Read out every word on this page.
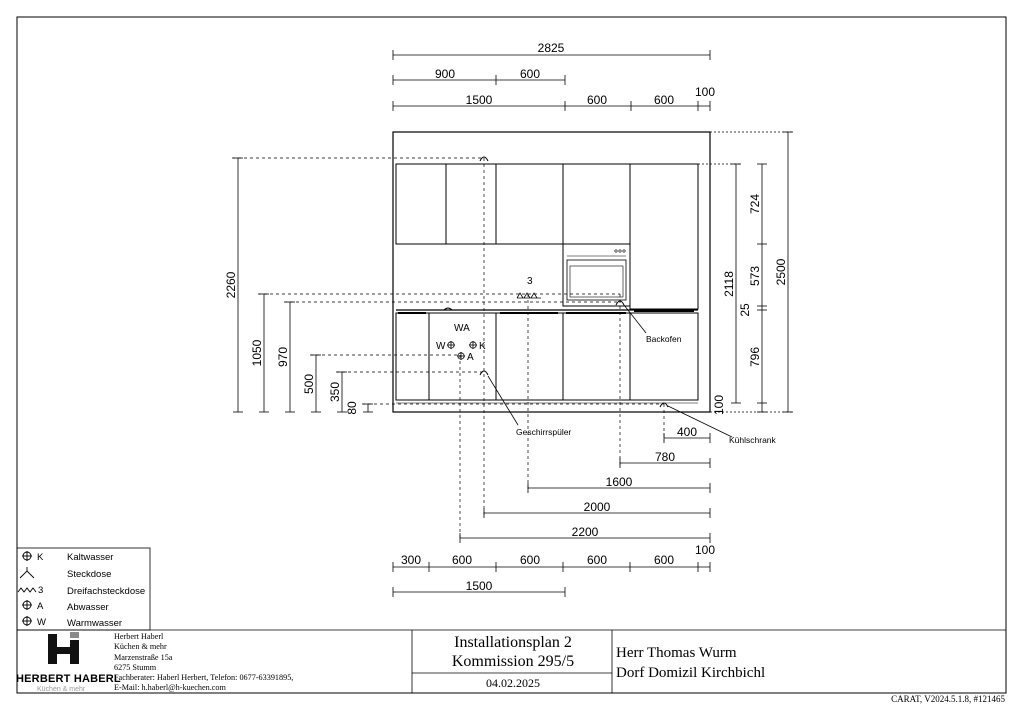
2825
900	600
1500	600	600
100
2260
1050 970
500 350
80
2118
724
573
25
796
100
2500
400
780
1600
2000
2200
300	600	600	600	600
100
1500
WA
W	K
A
3
Backofen
Geschirrspüler
Kühlschrank
K Kaltwasser
Steckdose
3 Dreifachsteckdose
A Abwasser
W Warmwasser
HERBERT HABERL
Küchen & mehr
Herbert Haberl
Küchen & mehr
Marzenstraße 15a
6275 Stumm
Fachberater: Haberl Herbert, Telefon: 0677-63391895,
E-Mail: h.haberl@h-kuechen.com
Installationsplan 2
Kommission 295/5
04.02.2025
Herr Thomas Wurm
Dorf Domizil Kirchbichl
CARAT, V2024.5.1.8, #121465
